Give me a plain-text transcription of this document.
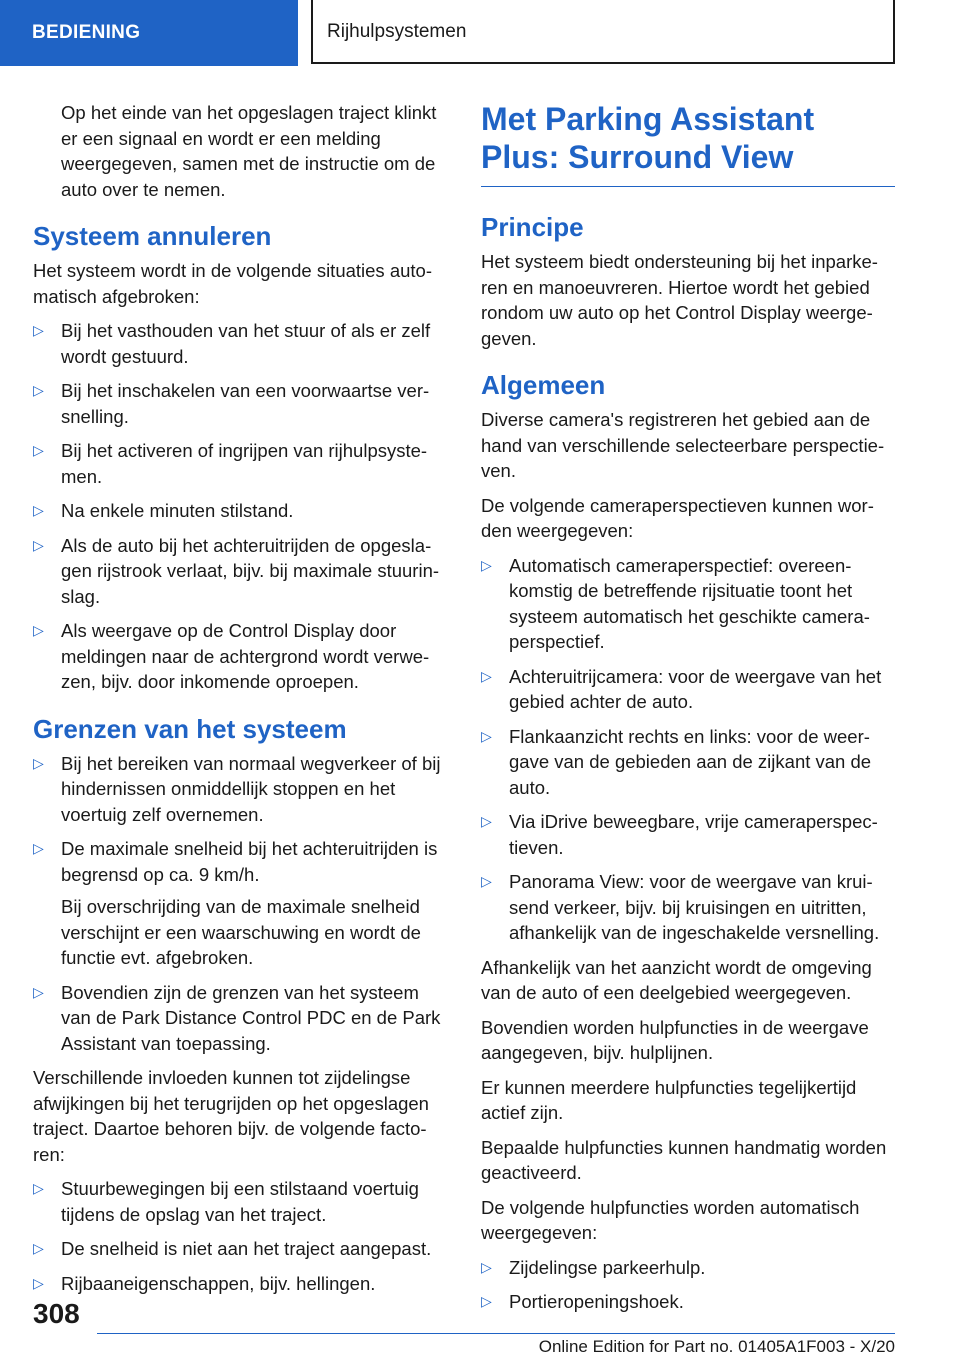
BEDIENING	Rijhulpsystemen

Op het einde van het opgeslagen traject klinkt er een signaal en wordt er een melding weergegeven, samen met de instructie om de auto over te nemen.

Systeem annuleren

Het systeem wordt in de volgende situaties automatisch afgebroken:

▷ Bij het vasthouden van het stuur of als er zelf wordt gestuurd.
▷ Bij het inschakelen van een voorwaartse versnelling.
▷ Bij het activeren of ingrijpen van rijhulpsystemen.
▷ Na enkele minuten stilstand.
▷ Als de auto bij het achteruitrijden de opgeslagen rijstrook verlaat, bijv. bij maximale stuurinslag.
▷ Als weergave op de Control Display door meldingen naar de achtergrond wordt verwezen, bijv. door inkomende oproepen.
Grenzen van het systeem
▷ Bij het bereiken van normaal wegverkeer of bij hindernissen onmiddellijk stoppen en het voertuig zelf overnemen.
▷ De maximale snelheid bij het achteruitrijden is begrensd op ca. 9 km/h.
Bij overschrijding van de maximale snelheid verschijnt er een waarschuwing en wordt de functie evt. afgebroken.
▷ Bovendien zijn de grenzen van het systeem van de Park Distance Control PDC en de Park Assistant van toepassing.

Verschillende invloeden kunnen tot zijdelingse afwijkingen bij het terugrijden op het opgeslagen traject. Daartoe behoren bijv. de volgende factoren:

▷ Stuurbewegingen bij een stilstaand voertuig tijdens de opslag van het traject.
▷ De snelheid is niet aan het traject aangepast.
▷ Rijbaaneigenschappen, bijv. hellingen.
Met Parking Assistant Plus: Surround View
Principe

Het systeem biedt ondersteuning bij het inparkeren en manoeuvreren. Hiertoe wordt het gebied rondom uw auto op het Control Display weergegeven.

Algemeen

Diverse camera's registreren het gebied aan de hand van verschillende selecteerbare perspectieven.

De volgende cameraperspectieven kunnen worden weergegeven:

▷ Automatisch cameraperspectief: overeenkomstig de betreffende rijsituatie toont het systeem automatisch het geschikte cameraperspectief.
▷ Achteruitrijcamera: voor de weergave van het gebied achter de auto.
▷ Flankaanzicht rechts en links: voor de weergave van de gebieden aan de zijkant van de auto.
▷ Via iDrive beweegbare, vrije cameraperspectieven.
▷ Panorama View: voor de weergave van kruisend verkeer, bijv. bij kruisingen en uitritten, afhankelijk van de ingeschakelde versnelling.

Afhankelijk van het aanzicht wordt de omgeving van de auto of een deelgebied weergegeven.

Bovendien worden hulpfuncties in de weergave aangegeven, bijv. hulplijnen.

Er kunnen meerdere hulpfuncties tegelijkertijd actief zijn.

Bepaalde hulpfuncties kunnen handmatig worden geactiveerd.

De volgende hulpfuncties worden automatisch weergegeven:

▷ Zijdelingse parkeerhulp.
▷ Portieropeningshoek.
308
Online Edition for Part no. 01405A1F003 - X/20
